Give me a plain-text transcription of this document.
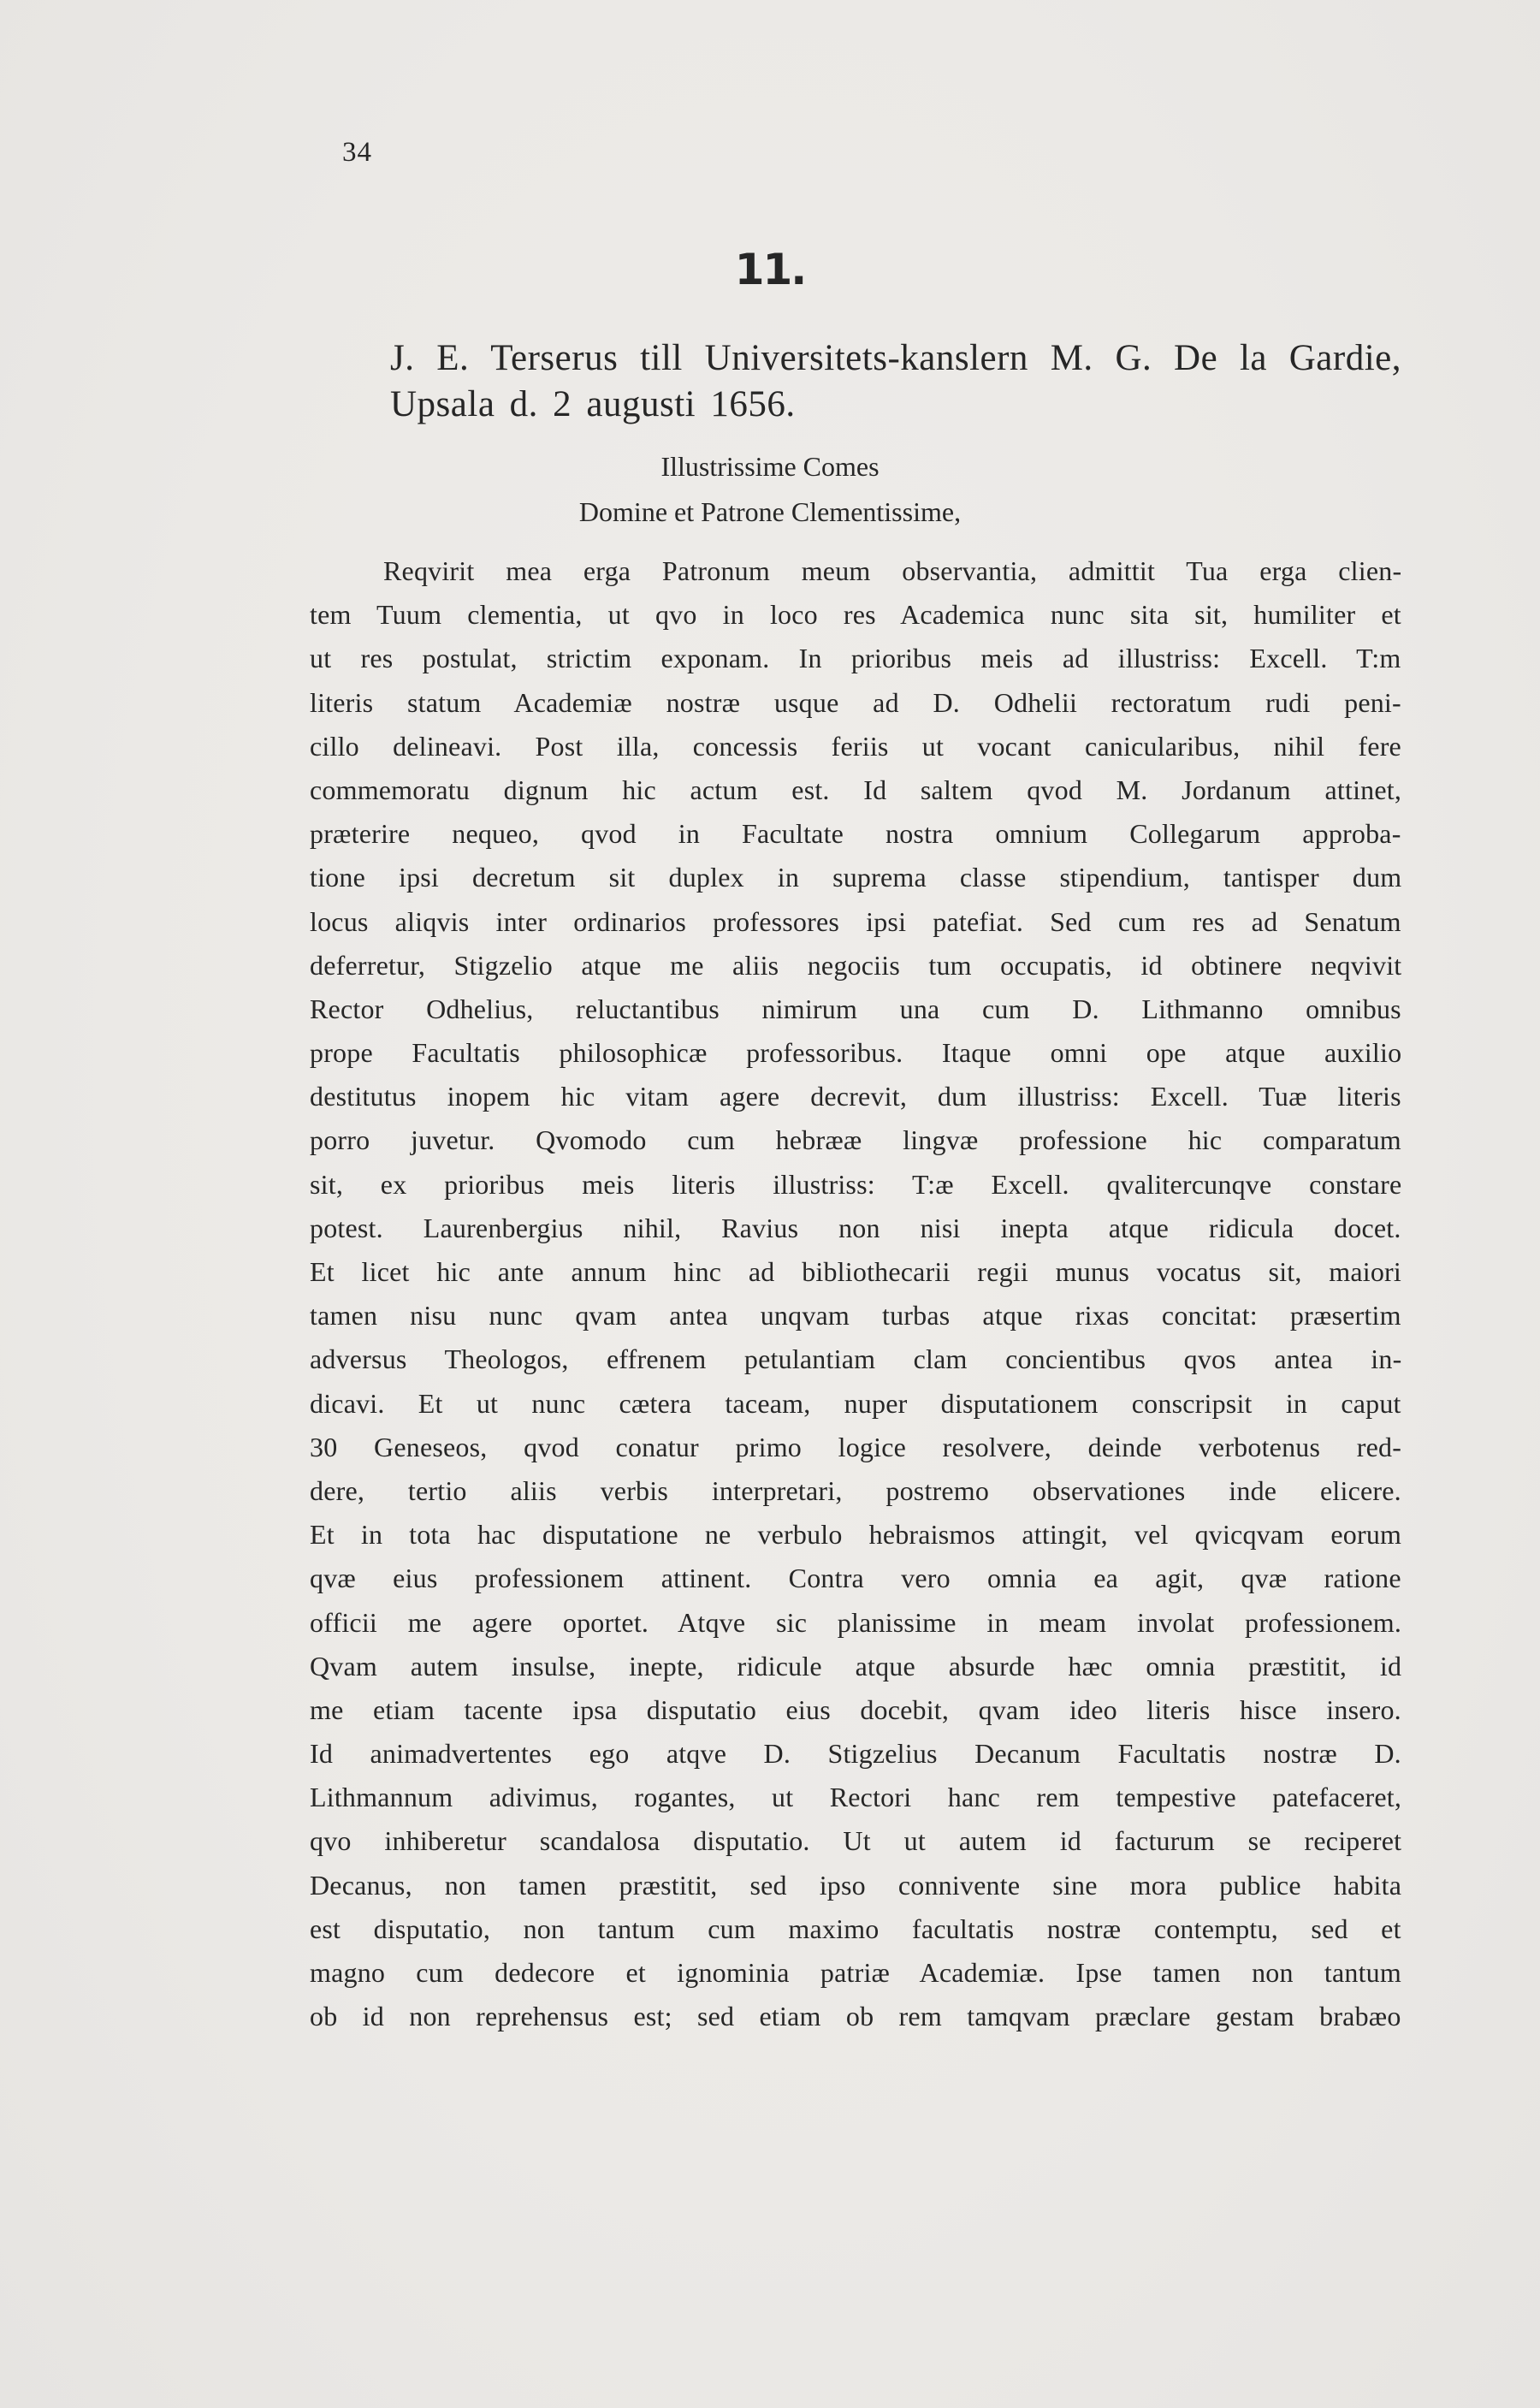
34
11.
J. E. Terserus till Universitets-kanslern M. G. De la Gardie, Upsala d. 2 augusti 1656.
Illustrissime Comes
Domine et Patrone Clementissime,
Reqvirit mea erga Patronum meum observantia, admittit Tua erga clien-
tem Tuum clementia, ut qvo in loco res Academica nunc sita sit, humiliter et
ut res postulat, strictim exponam. In prioribus meis ad illustriss: Excell. T:m
literis statum Academiæ nostræ usque ad D. Odhelii rectoratum rudi peni-
cillo delineavi. Post illa, concessis feriis ut vocant canicularibus, nihil fere
commemoratu dignum hic actum est. Id saltem qvod M. Jordanum attinet,
præterire nequeo, qvod in Facultate nostra omnium Collegarum approba-
tione ipsi decretum sit duplex in suprema classe stipendium, tantisper dum
locus aliqvis inter ordinarios professores ipsi patefiat. Sed cum res ad Senatum
deferretur, Stigzelio atque me aliis negociis tum occupatis, id obtinere neqvivit
Rector Odhelius, reluctantibus nimirum una cum D. Lithmanno omnibus
prope Facultatis philosophicæ professoribus. Itaque omni ope atque auxilio
destitutus inopem hic vitam agere decrevit, dum illustriss: Excell. Tuæ literis
porro juvetur. Qvomodo cum hebrææ lingvæ professione hic comparatum
sit, ex prioribus meis literis illustriss: T:æ Excell. qvalitercunqve constare
potest. Laurenbergius nihil, Ravius non nisi inepta atque ridicula docet.
Et licet hic ante annum hinc ad bibliothecarii regii munus vocatus sit, maiori
tamen nisu nunc qvam antea unqvam turbas atque rixas concitat: præsertim
adversus Theologos, effrenem petulantiam clam concientibus qvos antea in-
dicavi. Et ut nunc cætera taceam, nuper disputationem conscripsit in caput
30 Geneseos, qvod conatur primo logice resolvere, deinde verbotenus red-
dere, tertio aliis verbis interpretari, postremo observationes inde elicere.
Et in tota hac disputatione ne verbulo hebraismos attingit, vel qvicqvam eorum
qvæ eius professionem attinent. Contra vero omnia ea agit, qvæ ratione
officii me agere oportet. Atqve sic planissime in meam involat professionem.
Qvam autem insulse, inepte, ridicule atque absurde hæc omnia præstitit, id
me etiam tacente ipsa disputatio eius docebit, qvam ideo literis hisce insero.
Id animadvertentes ego atqve D. Stigzelius Decanum Facultatis nostræ D.
Lithmannum adivimus, rogantes, ut Rectori hanc rem tempestive patefaceret,
qvo inhiberetur scandalosa disputatio. Ut ut autem id facturum se reciperet
Decanus, non tamen præstitit, sed ipso connivente sine mora publice habita
est disputatio, non tantum cum maximo facultatis nostræ contemptu, sed et
magno cum dedecore et ignominia patriæ Academiæ. Ipse tamen non tantum
ob id non reprehensus est; sed etiam ob rem tamqvam præclare gestam brabæo
